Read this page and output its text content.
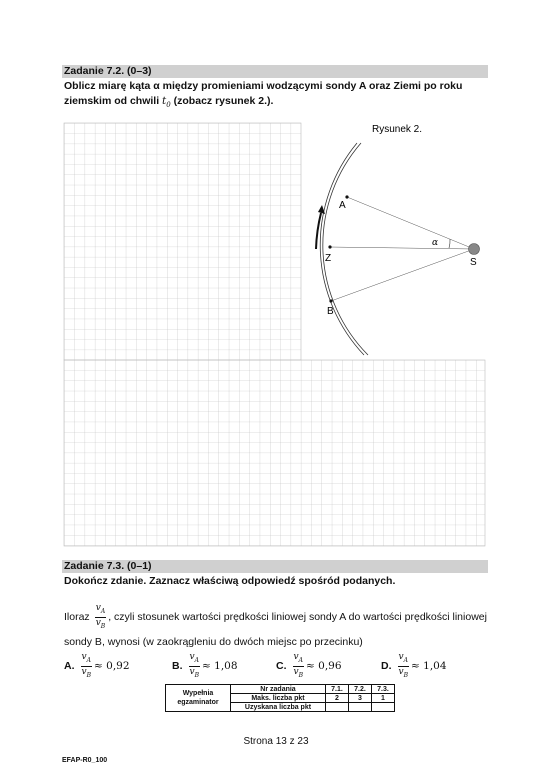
Zadanie 7.2. (0–3)
Oblicz miarę kąta α między promieniami wodzącymi sondy A oraz Ziemi po roku
ziemskim od chwili $t_0$ (zobacz rysunek 2.).
Rysunek 2.
A
Z
B
S
α
Zadanie 7.3. (0–1)
Dokończ zdanie. Zaznacz właściwą odpowiedź spośród podanych.
Iloraz $\frac{v_A}{v_B}$ , czyli stosunek wartości prędkości liniowej sondy A do wartości prędkości liniowej
sondy B, wynosi (w zaokrągleniu do dwóch miejsc po przecinku)
A. $\frac{v_A}{v_B} \approx 0,92$	B. $\frac{v_A}{v_B} \approx 1,08$	C. $\frac{v_A}{v_B} \approx 0,96$	D. $\frac{v_A}{v_B} \approx 1,04$
Wypełnia egzaminator	Nr zadania	7.1.	7.2.	7.3.
	Maks. liczba pkt	2	3	1
	Uzyskana liczba pkt			
Strona 13 z 23
EFAP-R0_100
